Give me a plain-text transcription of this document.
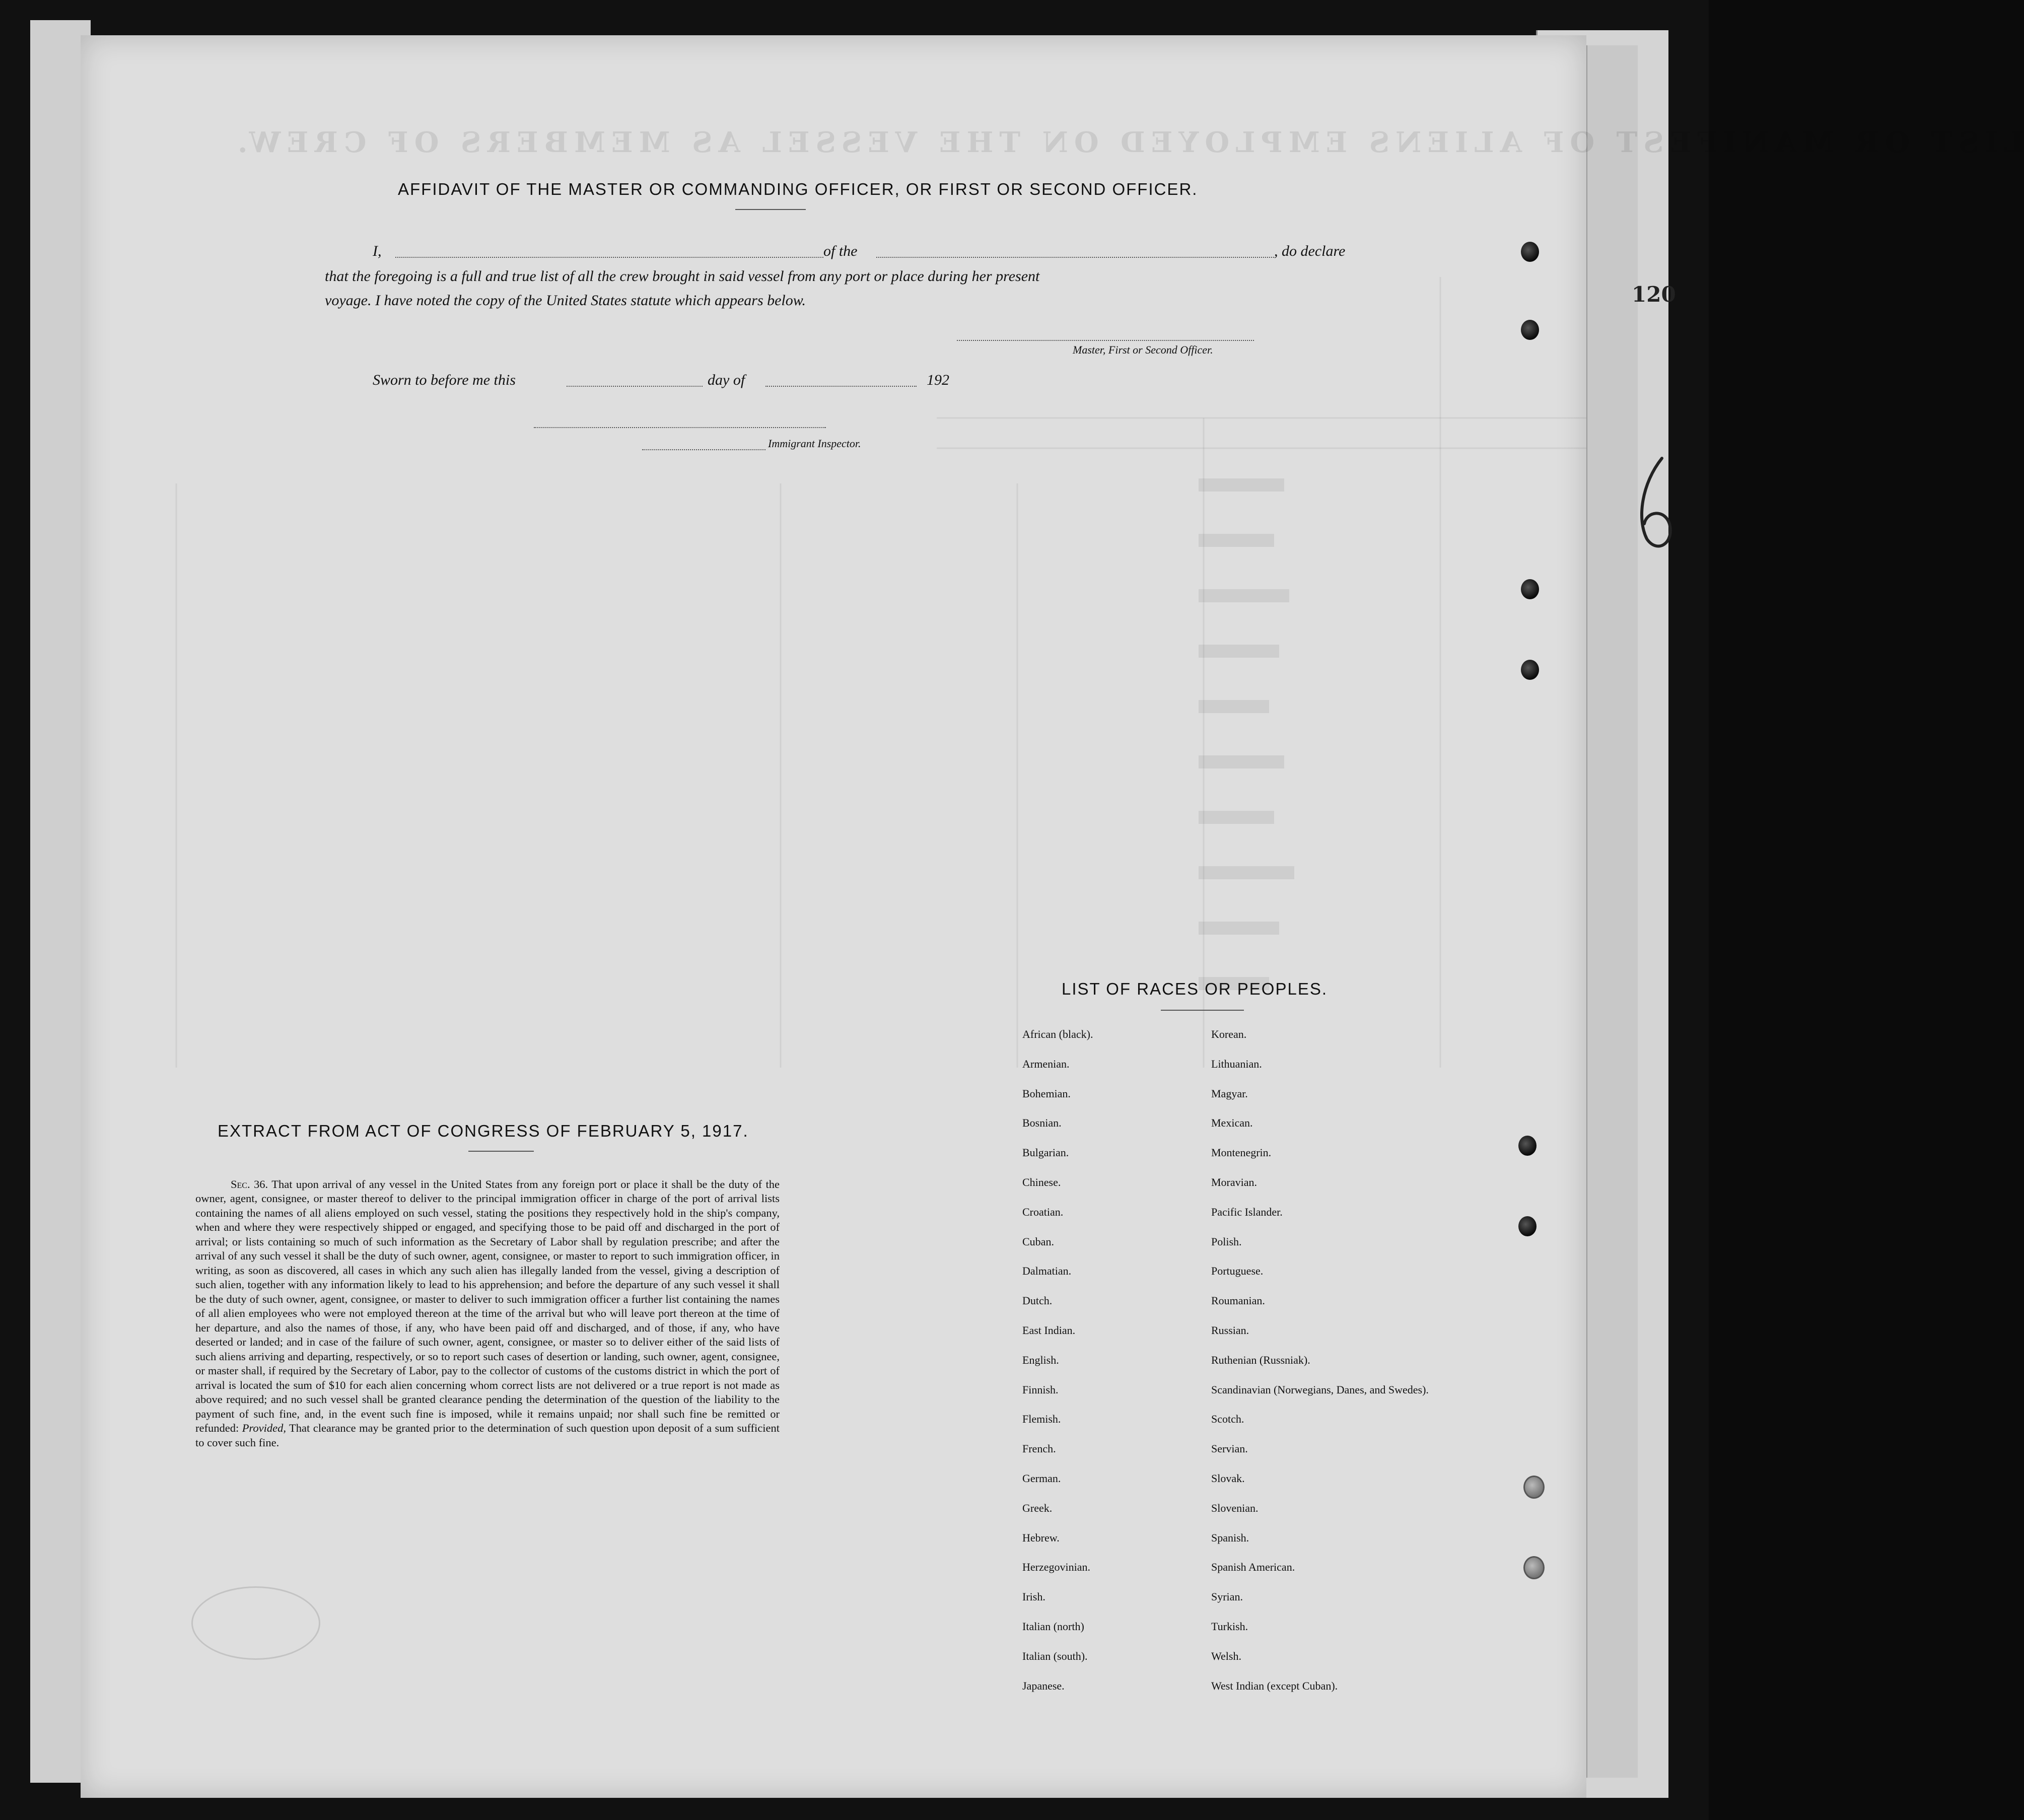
120
LIST OR MANIFEST OF ALIENS EMPLOYED ON THE VESSEL AS MEMBERS OF CREW.
AFFIDAVIT OF THE MASTER OR COMMANDING OFFICER, OR FIRST OR SECOND OFFICER.
I,	of the	, do declare
that the foregoing is a full and true list of all the crew brought in said vessel from any port or place during her present
voyage. I have noted the copy of the United States statute which appears below.
Master, First or Second Officer.
Sworn to before me this	day of	192
Immigrant Inspector.
EXTRACT FROM ACT OF CONGRESS OF FEBRUARY 5, 1917.

Sec. 36. That upon arrival of any vessel in the United States from any foreign port or place it shall be the duty of the owner, agent, consignee, or master thereof to deliver to the principal immigration officer in charge of the port of arrival lists containing the names of all aliens employed on such vessel, stating the positions they respectively hold in the ship's company, when and where they were respectively shipped or engaged, and specifying those to be paid off and discharged in the port of arrival; or lists containing so much of such information as the Secretary of Labor shall by regulation prescribe; and after the arrival of any such vessel it shall be the duty of such owner, agent, consignee, or master to report to such immigration officer, in writing, as soon as discovered, all cases in which any such alien has illegally landed from the vessel, giving a description of such alien, together with any information likely to lead to his apprehension; and before the departure of any such vessel it shall be the duty of such owner, agent, consignee, or master to deliver to such immigration officer a further list containing the names of all alien employees who were not employed thereon at the time of the arrival but who will leave port thereon at the time of her departure, and also the names of those, if any, who have been paid off and discharged, and of those, if any, who have deserted or landed; and in case of the failure of such owner, agent, consignee, or master so to deliver either of the said lists of such aliens arriving and departing, respectively, or so to report such cases of desertion or landing, such owner, agent, consignee, or master shall, if required by the Secretary of Labor, pay to the collector of customs of the customs district in which the port of arrival is located the sum of $10 for each alien concerning whom correct lists are not delivered or a true report is not made as above required; and no such vessel shall be granted clearance pending the determination of the question of the liability to the payment of such fine, and, in the event such fine is imposed, while it remains unpaid; nor shall such fine be remitted or refunded: Provided, That clearance may be granted prior to the determination of such question upon deposit of a sum sufficient to cover such fine.

LIST OF RACES OR PEOPLES.
African (black).
Armenian.
Bohemian.
Bosnian.
Bulgarian.
Chinese.
Croatian.
Cuban.
Dalmatian.
Dutch.
East Indian.
English.
Finnish.
Flemish.
French.
German.
Greek.
Hebrew.
Herzegovinian.
Irish.
Italian (north)
Italian (south).
Japanese.
Korean.
Lithuanian.
Magyar.
Mexican.
Montenegrin.
Moravian.
Pacific Islander.
Polish.
Portuguese.
Roumanian.
Russian.
Ruthenian (Russniak).
Scandinavian (Norwegians, Danes, and Swedes).
Scotch.
Servian.
Slovak.
Slovenian.
Spanish.
Spanish American.
Syrian.
Turkish.
Welsh.
West Indian (except Cuban).
